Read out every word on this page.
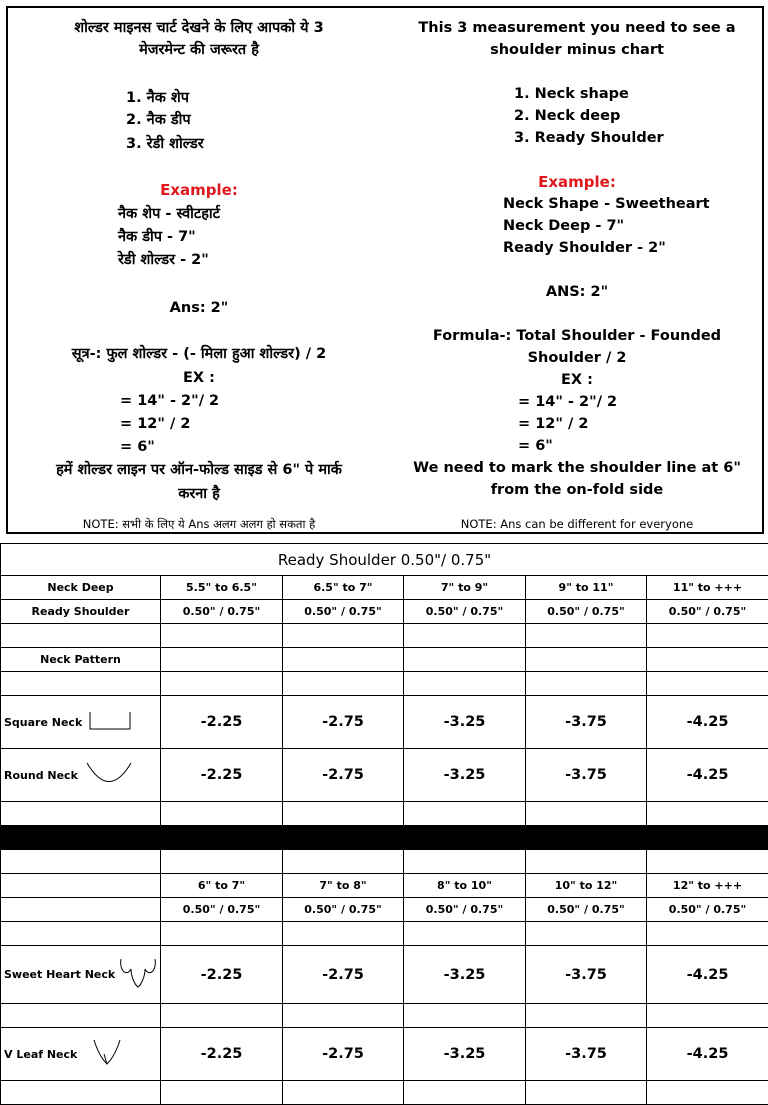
शोल्डर माइनस चार्ट देखने के लिए आपको ये 3
मेजरमेन्ट की जरूरत है
1. नैक शेप
2. नैक डीप
3. रेडी शोल्डर
Example:
नैक शेप - स्वीटहार्ट
नैक डीप - 7"
रेडी शोल्डर - 2"
Ans: 2"
सूत्र-: फुल शोल्डर - (- मिला हुआ शोल्डर) / 2
EX :
= 14" - 2"/ 2
= 12" / 2
= 6"
हमें शोल्डर लाइन पर ऑन-फोल्ड साइड से 6" पे मार्क
करना है
NOTE: सभी के लिए ये Ans अलग अलग हो सकता है
This 3 measurement you need to see a
shoulder minus chart
1. Neck shape
2. Neck deep
3. Ready Shoulder
Example:
Neck Shape - Sweetheart
Neck Deep - 7"
Ready Shoulder - 2"
ANS: 2"
Formula-: Total Shoulder - Founded
Shoulder / 2
EX :
= 14" - 2"/ 2
= 12" / 2
= 6"
We need to mark the shoulder line at 6"
from the on-fold side
NOTE: Ans can be different for everyone
Ready Shoulder 0.50"/ 0.75"					
Neck Deep	5.5" to 6.5"	6.5" to 7"	7" to 9"	9" to 11"	11" to +++
Ready Shoulder	0.50" / 0.75"	0.50" / 0.75"	0.50" / 0.75"	0.50" / 0.75"	0.50" / 0.75"

Neck Pattern					

Square Neck	-2.25	-2.75	-3.25	-3.75	-4.25
Round Neck	-2.25	-2.75	-3.25	-3.75	-4.25

	6" to 7"	7" to 8"	8" to 10"	10" to 12"	12" to +++
	0.50" / 0.75"	0.50" / 0.75"	0.50" / 0.75"	0.50" / 0.75"	0.50" / 0.75"

Sweet Heart Neck	-2.25	-2.75	-3.25	-3.75	-4.25

V Leaf Neck	-2.25	-2.75	-3.25	-3.75	-4.25
